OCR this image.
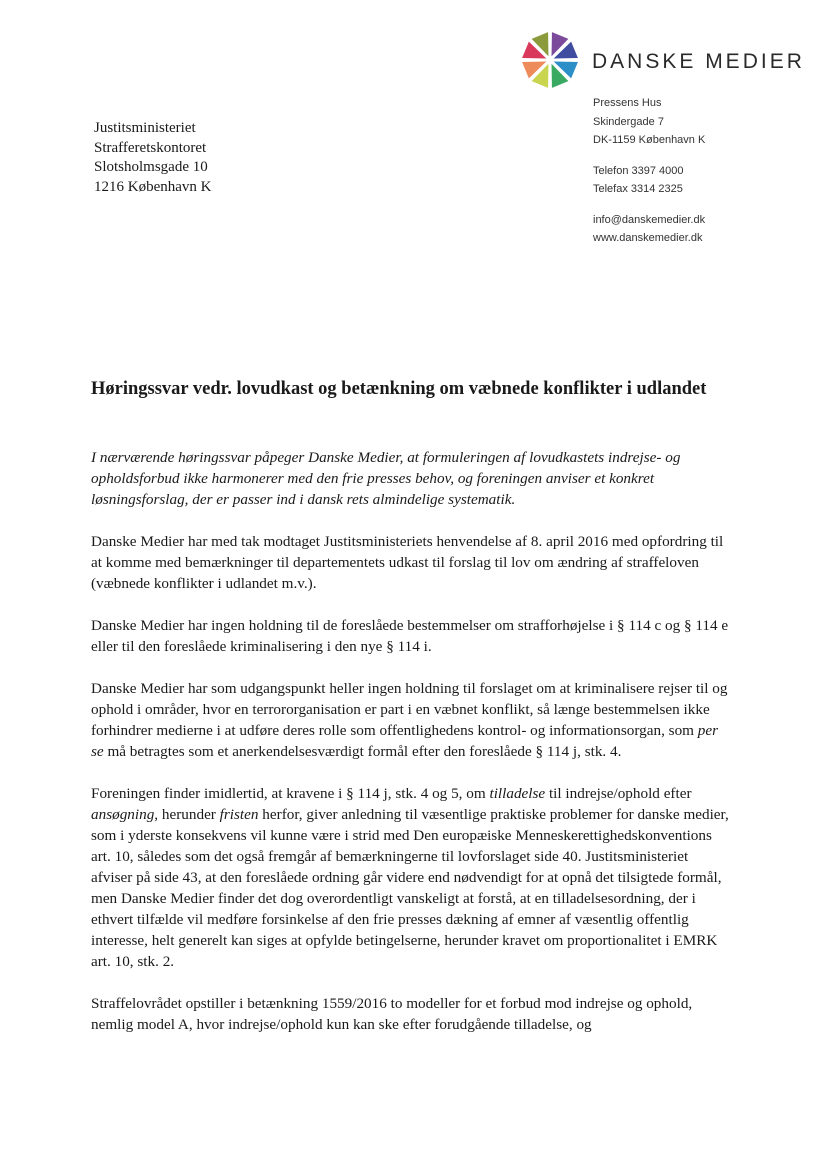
DANSKE MEDIER
Pressens Hus
Skindergade 7
DK-1159 København K
Telefon 3397 4000
Telefax 3314 2325
info@danskemedier.dk
www.danskemedier.dk
Justitsministeriet
Strafferetskontoret
Slotsholmsgade 10
1216 København K
Høringssvar vedr. lovudkast og betænkning om væbnede konflikter i udlandet

I nærværende høringssvar påpeger Danske Medier, at formuleringen af lovudkastets indrejse- og opholdsforbud ikke harmonerer med den frie presses behov, og foreningen anviser et konkret løsningsforslag, der er passer ind i dansk rets almindelige systematik.

Danske Medier har med tak modtaget Justitsministeriets henvendelse af 8. april 2016 med opfordring til at komme med bemærkninger til departementets udkast til forslag til lov om ændring af straffeloven (væbnede konflikter i udlandet m.v.).

Danske Medier har ingen holdning til de foreslåede bestemmelser om strafforhøjelse i § 114 c og § 114 e eller til den foreslåede kriminalisering i den nye § 114 i.

Danske Medier har som udgangspunkt heller ingen holdning til forslaget om at kriminalisere rejser til og ophold i områder, hvor en terrororganisation er part i en væbnet konflikt, så længe bestemmelsen ikke forhindrer medierne i at udføre deres rolle som offentlighedens kontrol- og informationsorgan, som per se må betragtes som et anerkendelsesværdigt formål efter den foreslåede § 114 j, stk. 4.

Foreningen finder imidlertid, at kravene i § 114 j, stk. 4 og 5, om tilladelse til indrejse/ophold efter ansøgning, herunder fristen herfor, giver anledning til væsentlige praktiske problemer for danske medier, som i yderste konsekvens vil kunne være i strid med Den europæiske Menneskerettighedskonventions art. 10, således som det også fremgår af bemærkningerne til lovforslaget side 40. Justitsministeriet afviser på side 43, at den foreslåede ordning går videre end nødvendigt for at opnå det tilsigtede formål, men Danske Medier finder det dog overordentligt vanskeligt at forstå, at en tilladelsesordning, der i ethvert tilfælde vil medføre forsinkelse af den frie presses dækning af emner af væsentlig offentlig interesse, helt generelt kan siges at opfylde betingelserne, herunder kravet om proportionalitet i EMRK art. 10, stk. 2.

Straffelovrådet opstiller i betænkning 1559/2016 to modeller for et forbud mod indrejse og ophold, nemlig model A, hvor indrejse/ophold kun kan ske efter forudgående tilladelse, og
